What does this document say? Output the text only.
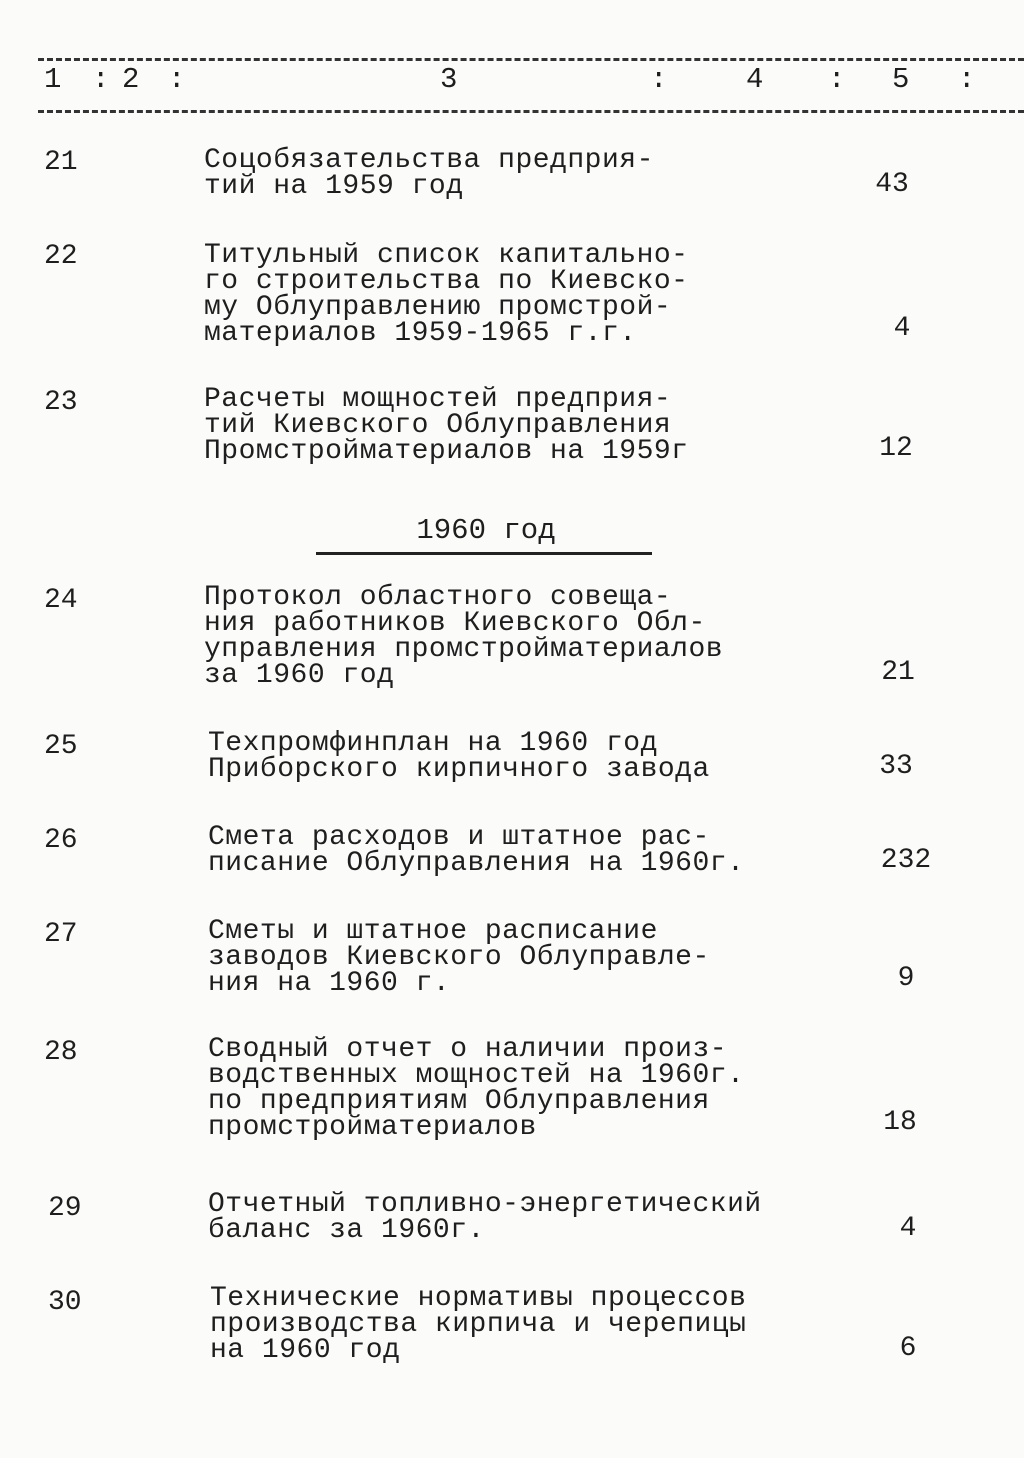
1 : 2 :	3	:	4 : 5 :
21	Соцобязательства предприя-
тий на 1959 год	43
22	Титульный список капитальнo-
го строительства по Киевско-
му Облуправлению промстрой-
материалов 1959-1965 г.г.	4
23	Расчеты мощностей предприя-
тий Киевского Облуправления
Промстройматериалов на 1959г	12
1960 год
24	Протокол областного совеща-
ния работников Киевского Обл-
управления промстройматериалов
за 1960 год	21
25	Техпромфинплан на 1960 год
Приборского кирпичного завода	33
26	Смета расходов и штатное рас-
писание Облуправления на 1960г.	232
27	Сметы и штатное расписание
заводов Киевского Облуправле-
ния на 1960 г.	9
28	Сводный отчет о наличии произ-
водственных мощностей на 1960г.
по предприятиям Облуправления
промстройматериалов	18
29	Отчетный топливно-энергетический
баланс за 1960г.	4
30	Технические нормативы процессов
производства кирпича и черепицы
на 1960 год	6
